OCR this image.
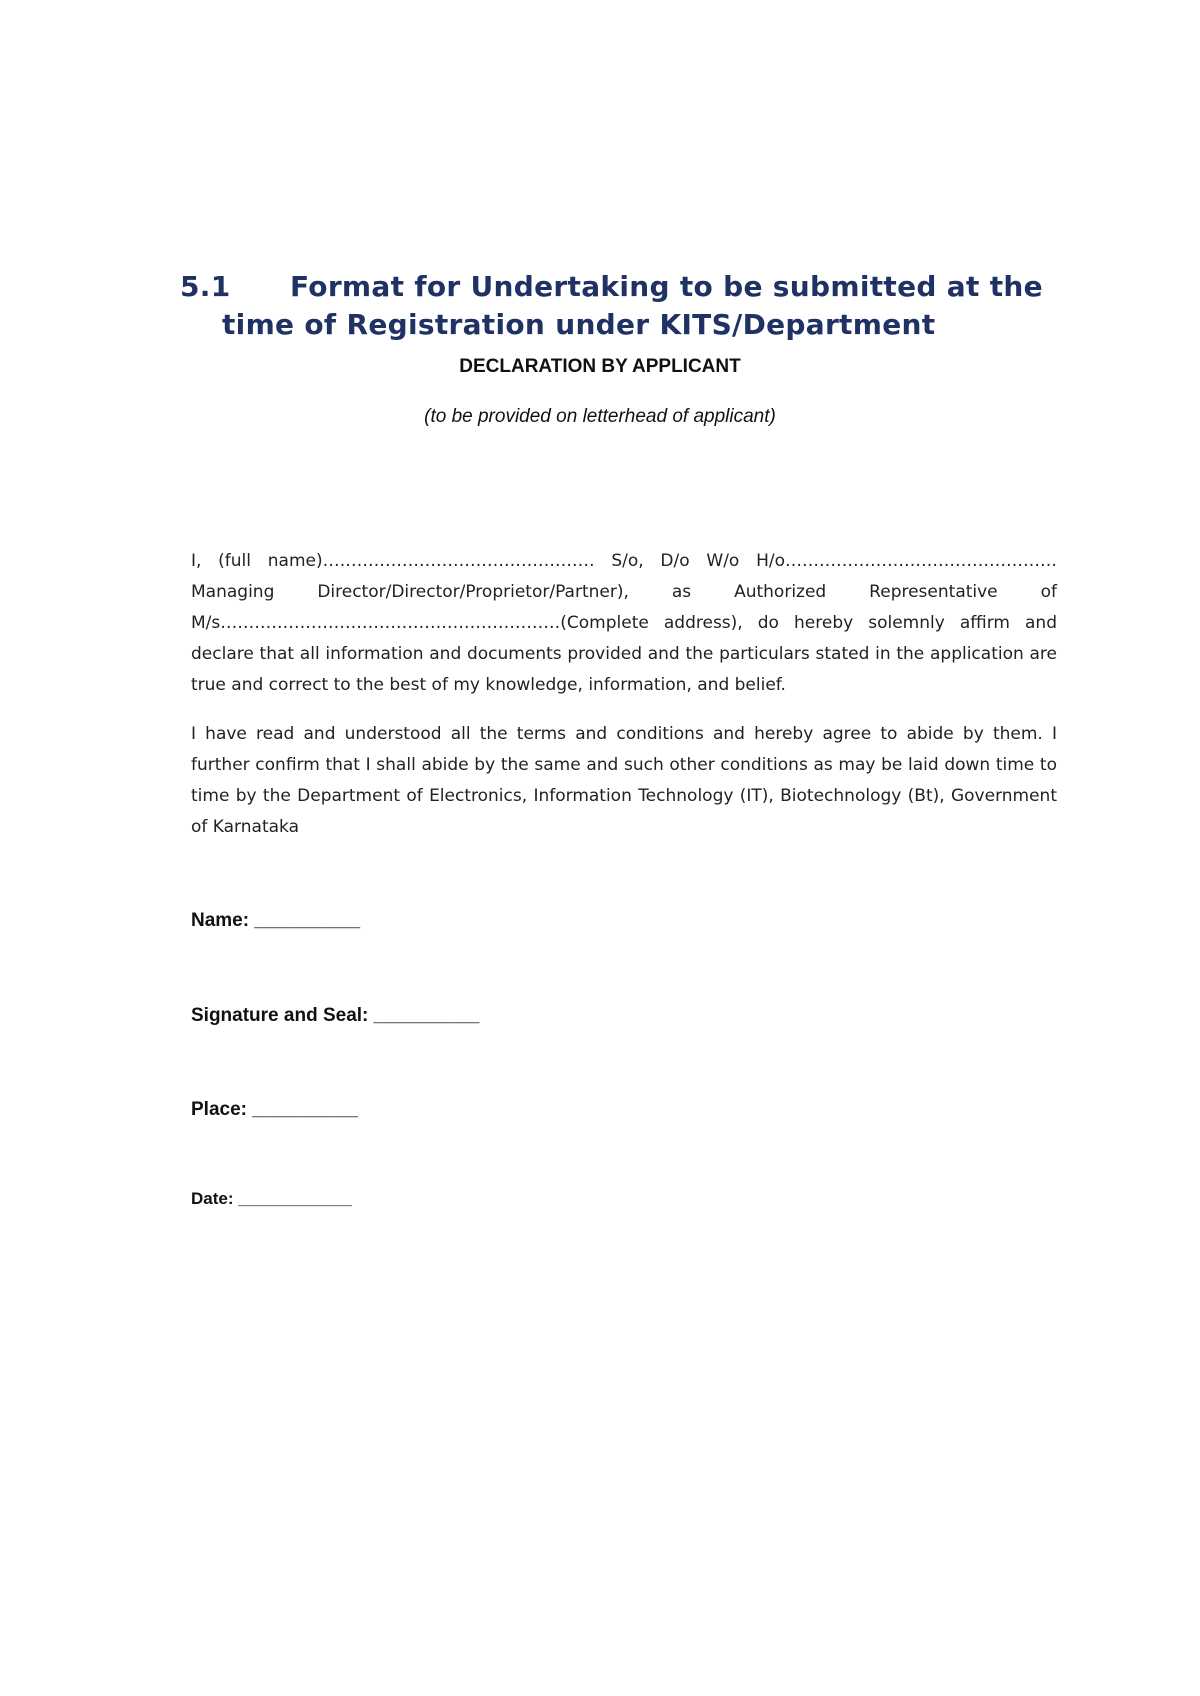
5.1 Format for Undertaking to be submitted at the
time of Registration under KITS/Department
DECLARATION BY APPLICANT
(to be provided on letterhead of applicant)

I, (full name)………………………………………… S/o, D/o W/o H/o………………………………………… Managing Director/Director/Proprietor/Partner), as Authorized Representative of M/s……………………………………………………(Complete address), do hereby solemnly affirm and declare that all information and documents provided and the particulars stated in the application are true and correct to the best of my knowledge, information, and belief.

I have read and understood all the terms and conditions and hereby agree to abide by them. I further confirm that I shall abide by the same and such other conditions as may be laid down time to time by the Department of Electronics, Information Technology (IT), Biotechnology (Bt), Government of Karnataka

Name: __________
Signature and Seal: __________
Place: __________
Date: ____________
